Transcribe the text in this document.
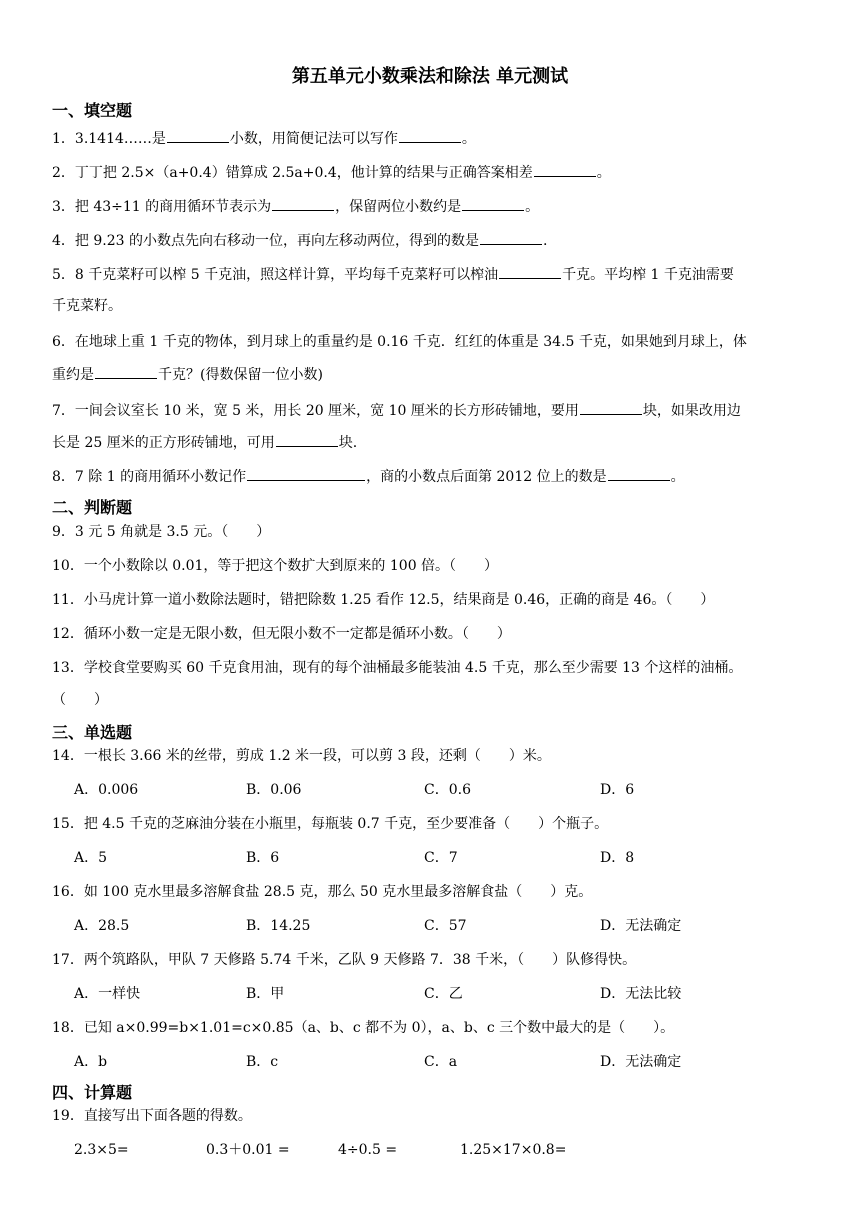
第五单元小数乘法和除法 单元测试
一、填空题
1．3.1414……是	小数，用简便记法可以写作	。
2．丁丁把 2.5×（a+0.4）错算成 2.5a+0.4，他计算的结果与正确答案相差	。
3．把 43÷11 的商用循环节表示为	，保留两位小数约是	。
4．把 9.23 的小数点先向右移动一位，再向左移动两位，得到的数是	.
5．8 千克菜籽可以榨 5 千克油，照这样计算，平均每千克菜籽可以榨油	千克。平均榨 1 千克油需要
千克菜籽。
6．在地球上重 1 千克的物体，到月球上的重量约是 0.16 千克．红红的体重是 34.5 千克，如果她到月球上，体
重约是	千克？(得数保留一位小数)
7．一间会议室长 10 米，宽 5 米，用长 20 厘米，宽 10 厘米的长方形砖铺地，要用	块，如果改用边
长是 25 厘米的正方形砖铺地，可用	块.
8．7 除 1 的商用循环小数记作	，商的小数点后面第 2012 位上的数是	。
二、判断题
9．3 元 5 角就是 3.5 元。（　　）
10．一个小数除以 0.01，等于把这个数扩大到原来的 100 倍。（　　）
11．小马虎计算一道小数除法题时，错把除数 1.25 看作 12.5，结果商是 0.46，正确的商是 46。（　　）
12．循环小数一定是无限小数，但无限小数不一定都是循环小数。（　　）
13．学校食堂要购买 60 千克食用油，现有的每个油桶最多能装油 4.5 千克，那么至少需要 13 个这样的油桶。
（　　）
三、单选题
14．一根长 3.66 米的丝带，剪成 1.2 米一段，可以剪 3 段，还剩（　　）米。
A．0.006	B．0.06	C．0.6	D．6
15．把 4.5 千克的芝麻油分装在小瓶里，每瓶装 0.7 千克，至少要准备（　　）个瓶子。
A．5	B．6	C．7	D．8
16．如 100 克水里最多溶解食盐 28.5 克，那么 50 克水里最多溶解食盐（　　）克。
A．28.5	B．14.25	C．57	D．无法确定
17．两个筑路队，甲队 7 天修路 5.74 千米，乙队 9 天修路 7．38 千米，（　　）队修得快。
A．一样快	B．甲	C．乙	D．无法比较
18．已知 a×0.99=b×1.01=c×0.85（a、b、c 都不为 0），a、b、c 三个数中最大的是（　　）。
A．b	B．c	C．a	D．无法确定
四、计算题
19．直接写出下面各题的得数。
2.3×5=	0.3＋0.01 =	4÷0.5 =	1.25×17×0.8=
